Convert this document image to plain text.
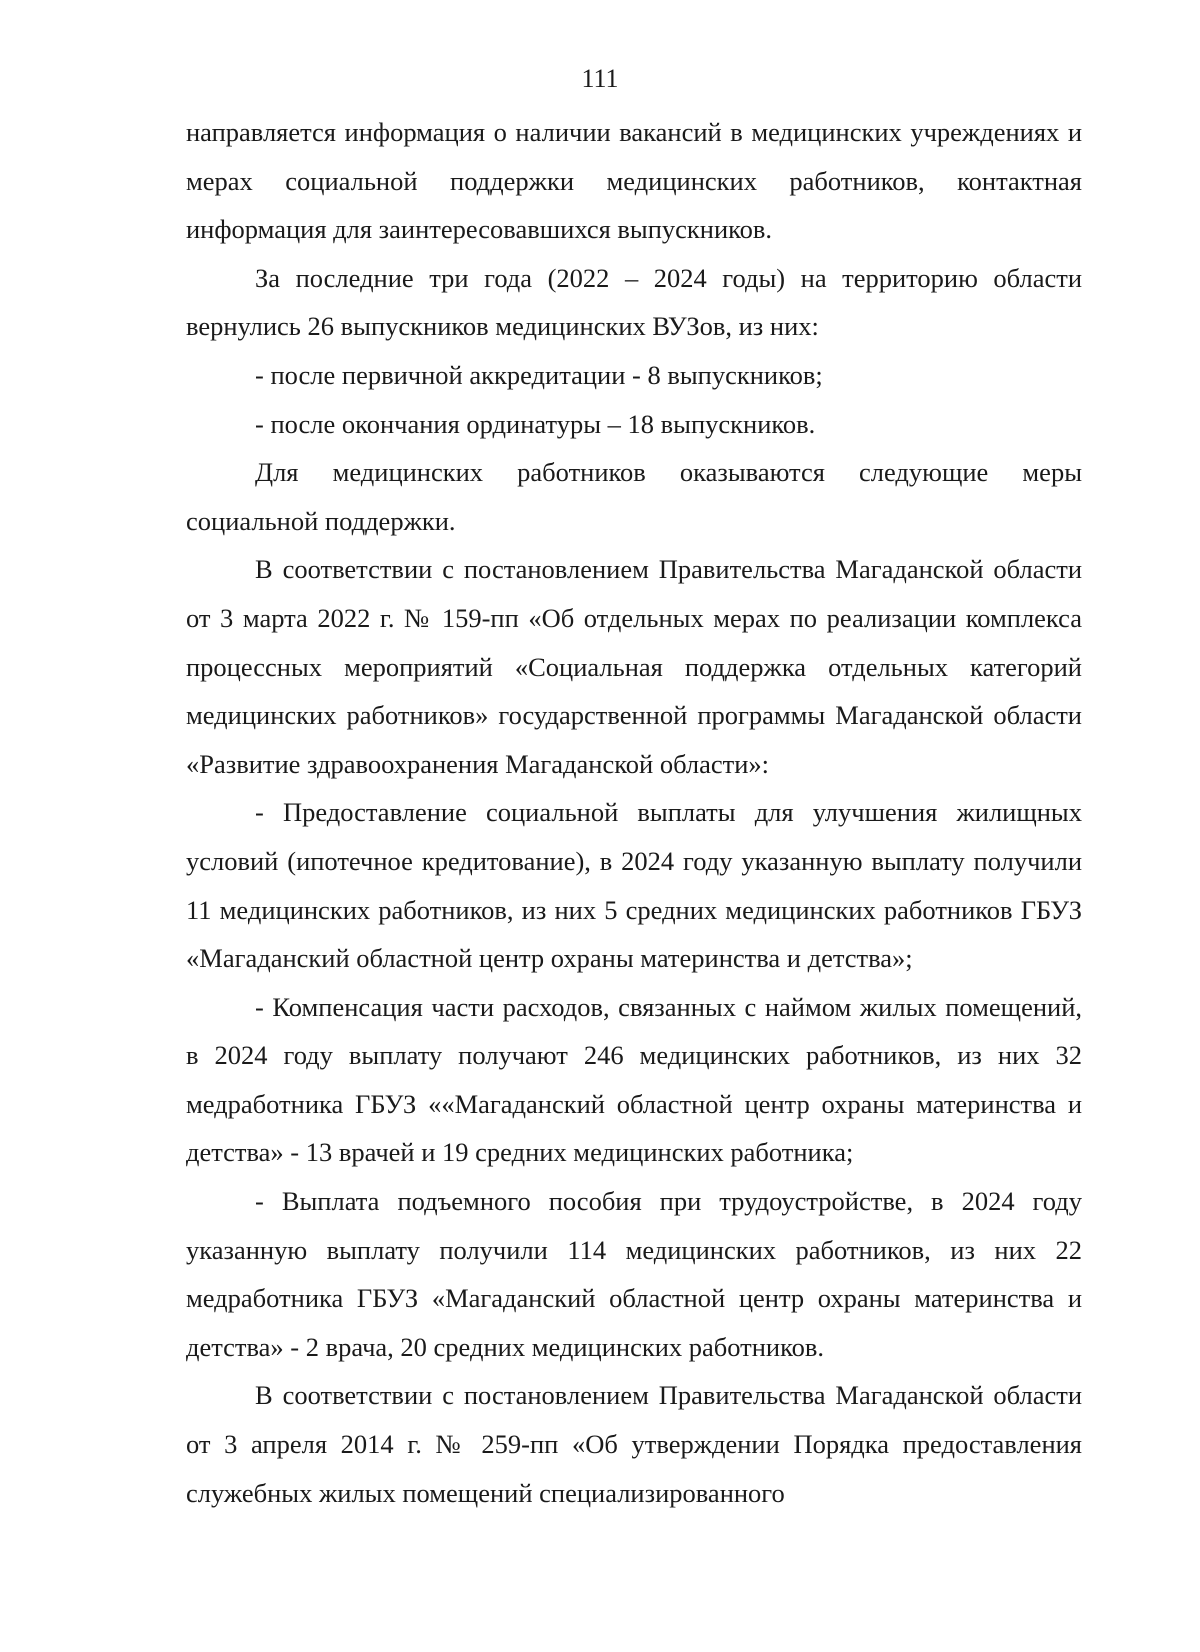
111

направляется информация о наличии вакансий в медицинских учреждениях и мерах социальной поддержки медицинских работников, контактная информация для заинтересовавшихся выпускников.

За последние три года (2022 – 2024 годы) на территорию области вернулись 26 выпускников медицинских ВУЗов, из них:

- после первичной аккредитации - 8 выпускников;

- после окончания ординатуры – 18 выпускников.

Для медицинских работников оказываются следующие меры социальной поддержки.

В соответствии с постановлением Правительства Магаданской области от 3 марта 2022 г. № 159-пп «Об отдельных мерах по реализации комплекса процессных мероприятий «Социальная поддержка отдельных категорий медицинских работников» государственной программы Магаданской области «Развитие здравоохранения Магаданской области»:

- Предоставление социальной выплаты для улучшения жилищных условий (ипотечное кредитование), в 2024 году указанную выплату получили 11 медицинских работников, из них 5 средних медицинских работников ГБУЗ «Магаданский областной центр охраны материнства и детства»;

- Компенсация части расходов, связанных с наймом жилых помещений, в 2024 году выплату получают 246 медицинских работников, из них 32 медработника ГБУЗ ««Магаданский областной центр охраны материнства и детства» - 13 врачей и 19 средних медицинских работника;

- Выплата подъемного пособия при трудоустройстве, в 2024 году указанную выплату получили 114 медицинских работников, из них 22 медработника ГБУЗ «Магаданский областной центр охраны материнства и детства» - 2 врача, 20 средних медицинских работников.

В соответствии с постановлением Правительства Магаданской области от 3 апреля 2014 г. № 259-пп «Об утверждении Порядка предоставления служебных жилых помещений специализированного
